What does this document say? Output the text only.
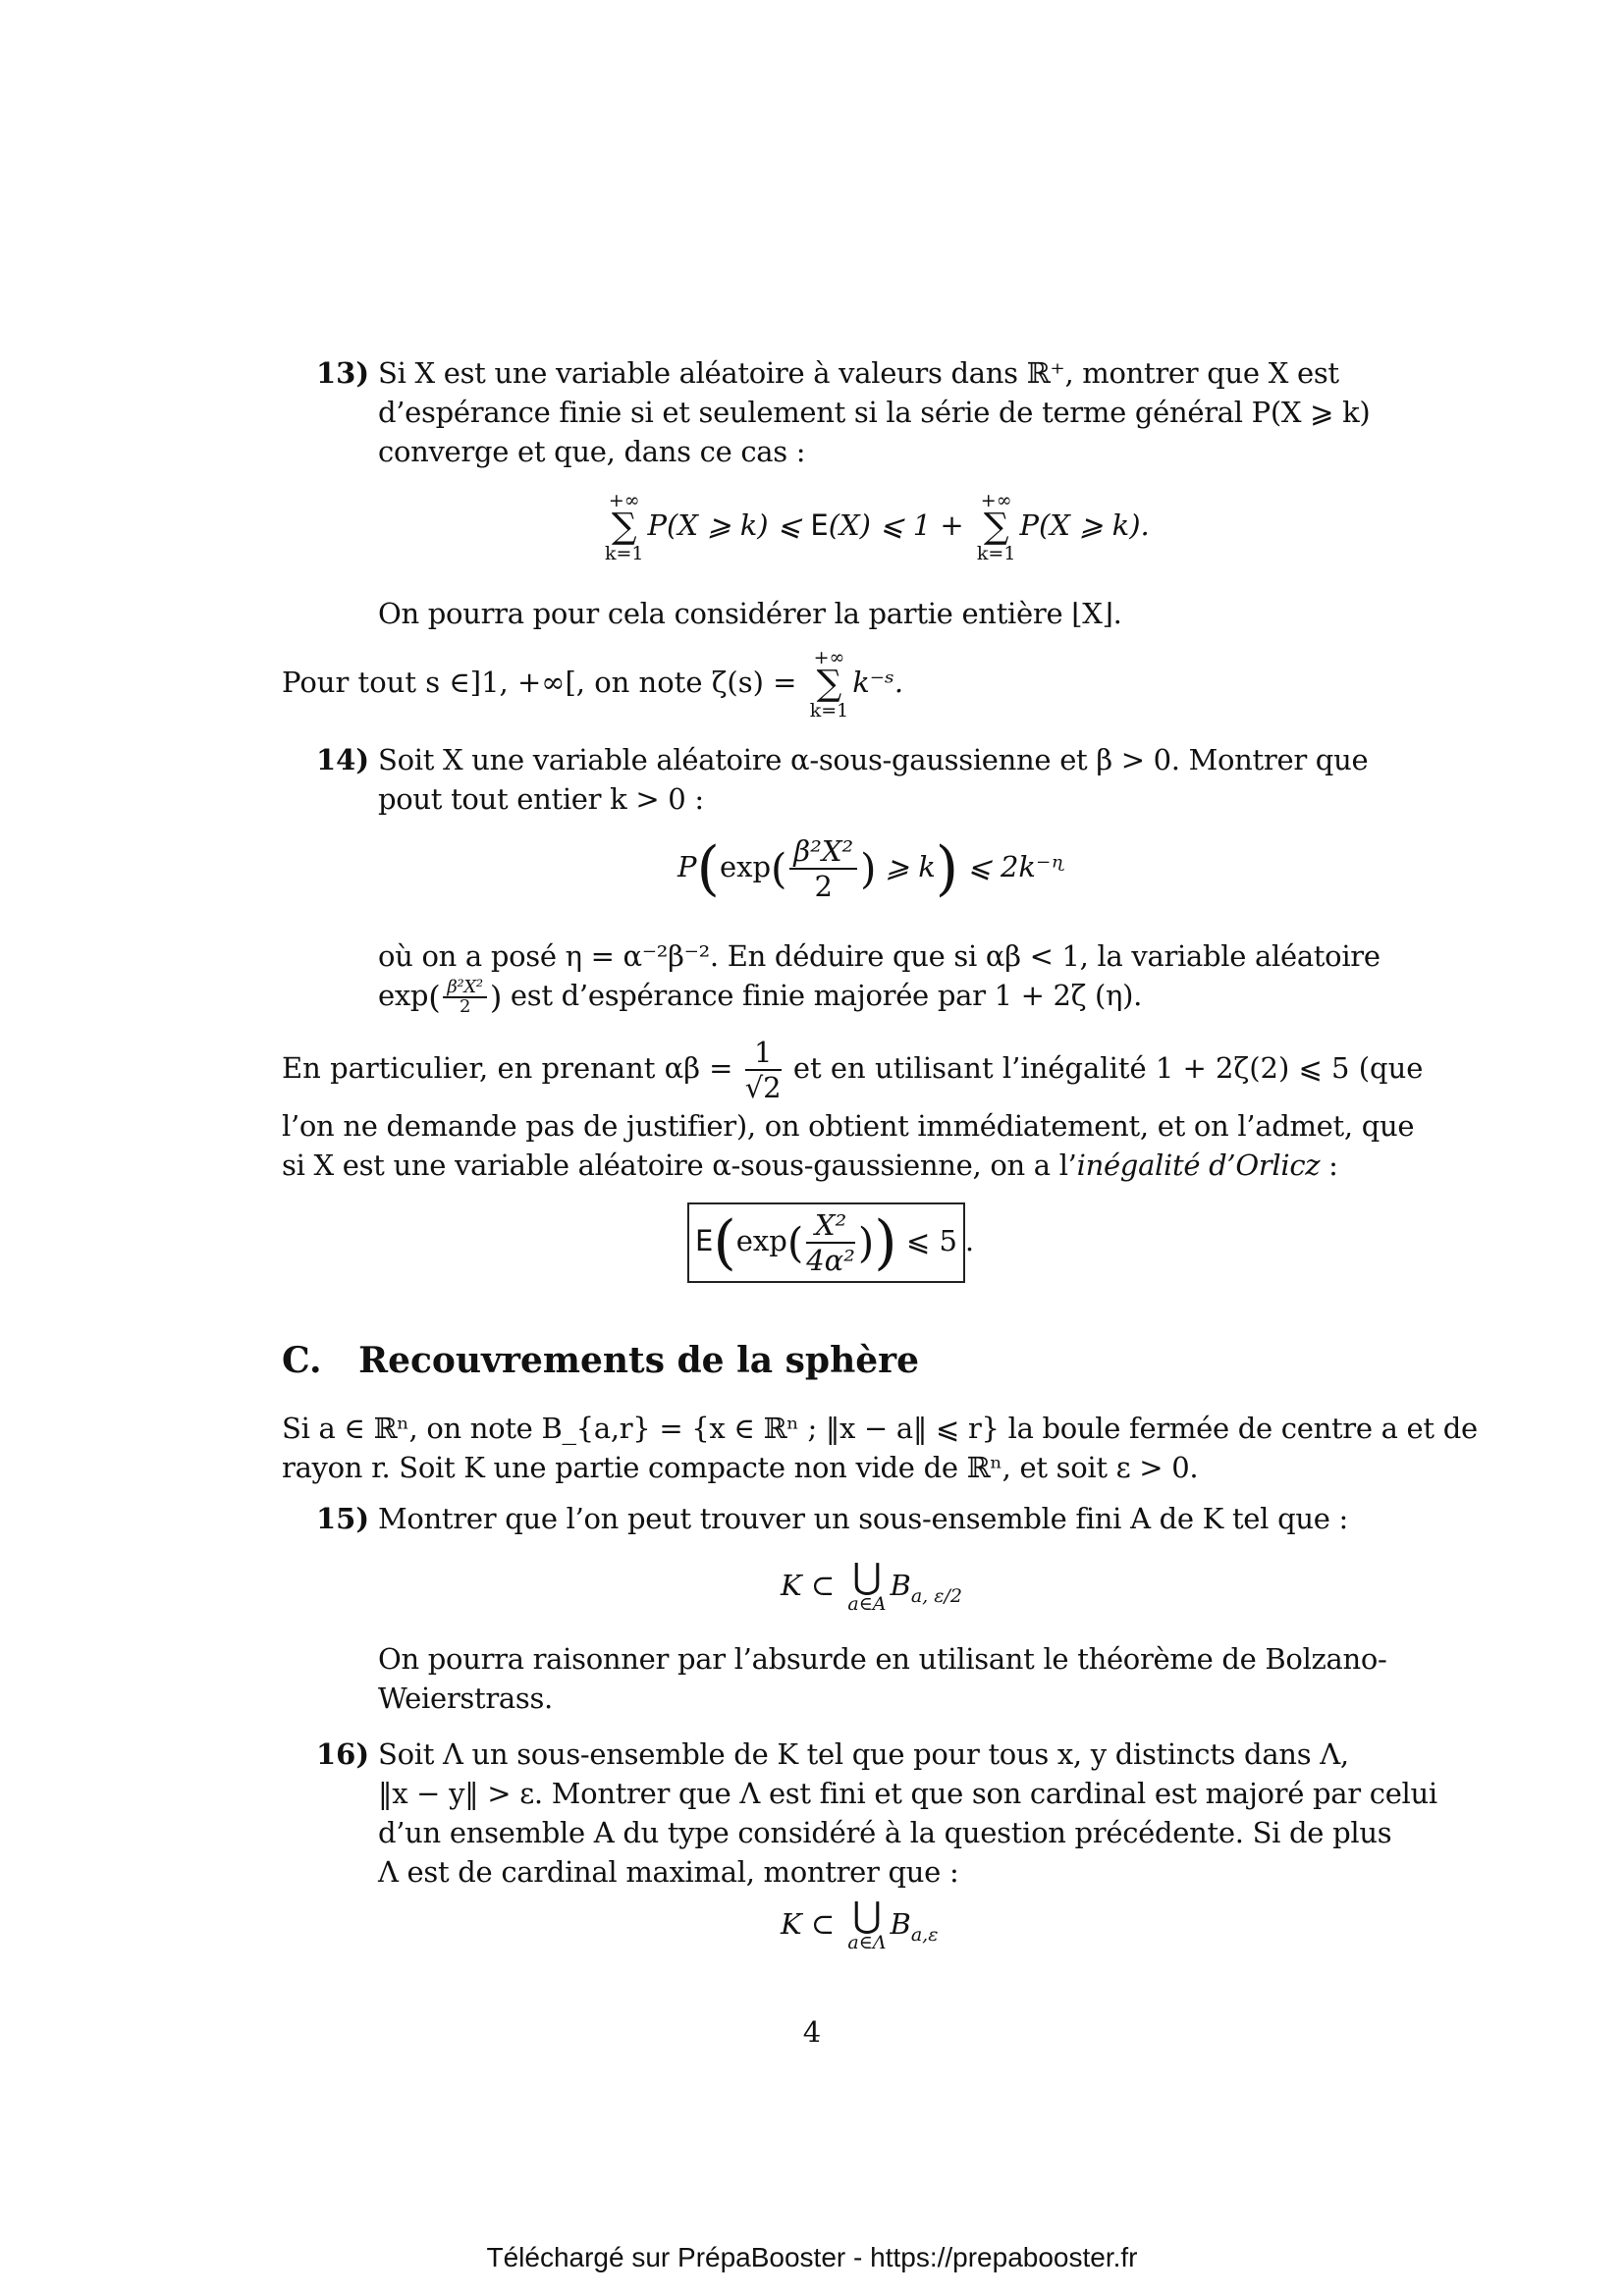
13) Si X est une variable aléatoire à valeurs dans ℝ⁺, montrer que X est
d’espérance finie si et seulement si la série de terme général P(X ⩾ k)
converge et que, dans ce cas :
+∞
∑
k=1
P(X ⩾ k) ⩽ E(X) ⩽ 1 +
+∞
∑
k=1
P(X ⩾ k).
On pourra pour cela considérer la partie entière ⌊X⌋.
Pour tout s ∈]1, +∞[, on note ζ(s) =
+∞
∑
k=1
k⁻ˢ.
14) Soit X une variable aléatoire α-sous-gaussienne et β > 0. Montrer que
pout tout entier k > 0 :
$P(\exp( \frac{\text{β²X²}}{2}$ ) ⩾ k) ⩽ 2k⁻ᶯ
où on a posé η = α⁻²β⁻². En déduire que si αβ < 1, la variable aléatoire
$\exp( \frac{\text{β²X²}}{2}$ ) est d’espérance finie majorée par 1 + 2ζ (η).
En particulier, en prenant $\alpha\beta = \frac{1}{√2}$ et en utilisant l’inégalité 1 + 2ζ(2) ⩽ 5 (que
l’on ne demande pas de justifier), on obtient immédiatement, et on l’admet, que
si X est une variable aléatoire α-sous-gaussienne, on a l’inégalité d’Orlicz :
$E(\exp( \frac{\text{X²}}{\text{4α²}}$ )) ⩽ 5 .
C. Recouvrements de la sphère
Si a ∈ ℝⁿ, on note B_{a,r} = {x ∈ ℝⁿ ; ‖x − a‖ ⩽ r} la boule fermée de centre a et de
rayon r. Soit K une partie compacte non vide de ℝⁿ, et soit ε > 0.
15) Montrer que l’on peut trouver un sous-ensemble fini A de K tel que :
K ⊂ ⋃
a∈A
$B_{a, \varepsilon/2}$
On pourra raisonner par l’absurde en utilisant le théorème de Bolzano-
Weierstrass.
16) Soit Λ un sous-ensemble de K tel que pour tous x, y distincts dans Λ,
‖x − y‖ > ε. Montrer que Λ est fini et que son cardinal est majoré par celui
d’un ensemble A du type considéré à la question précédente. Si de plus
Λ est de cardinal maximal, montrer que :
K ⊂ ⋃
a∈Λ
$B_{a,\varepsilon}$
4
Téléchargé sur PrépaBooster - https://prepabooster.fr
